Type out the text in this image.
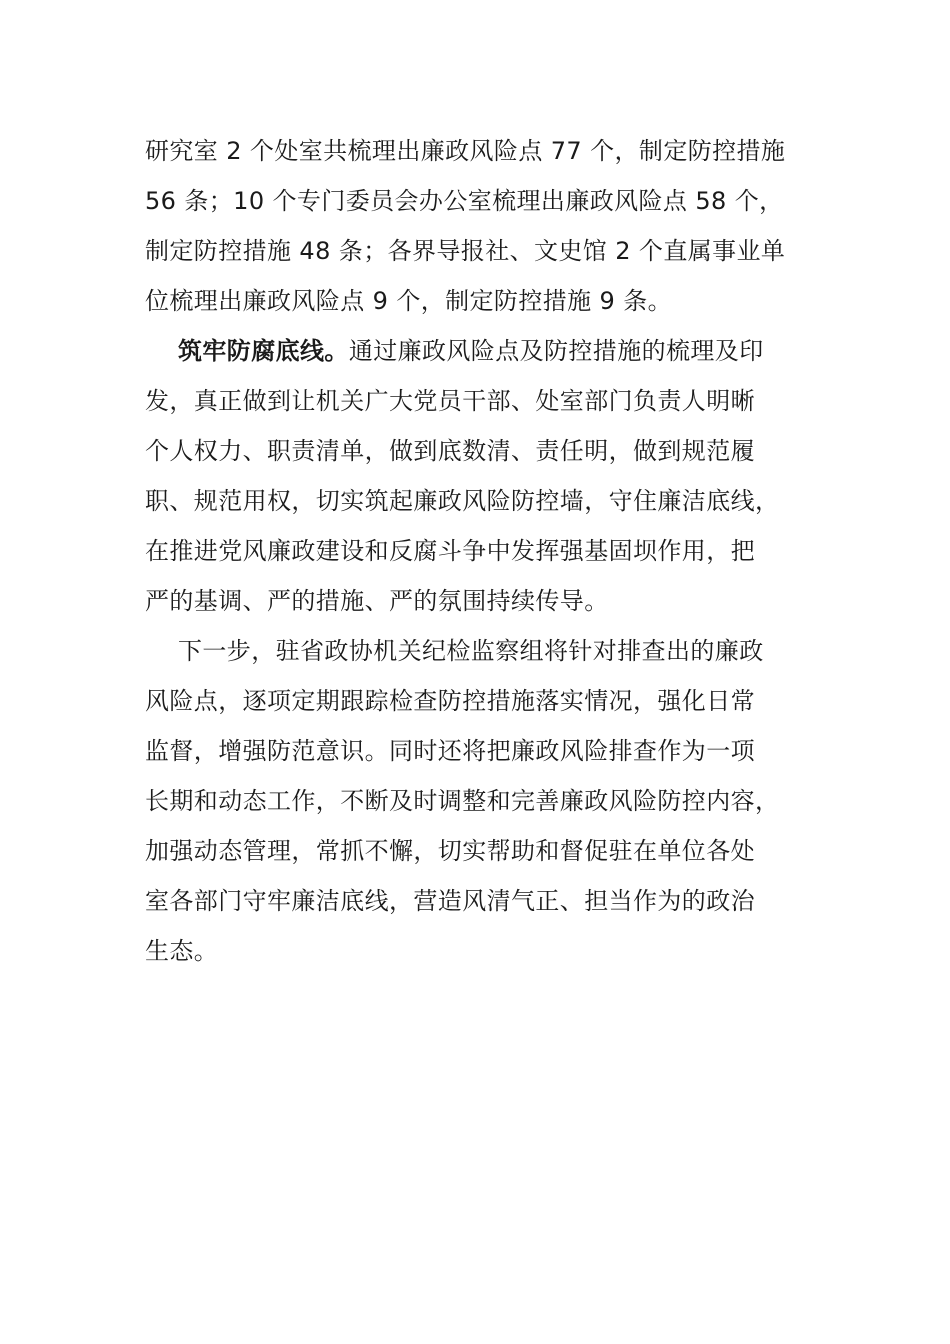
研究室 2 个处室共梳理出廉政风险点 77 个，制定防控措施
56 条；10 个专门委员会办公室梳理出廉政风险点 58 个，
制定防控措施 48 条；各界导报社、文史馆 2 个直属事业单
位梳理出廉政风险点 9 个，制定防控措施 9 条。

筑牢防腐底线。通过廉政风险点及防控措施的梳理及印
发，真正做到让机关广大党员干部、处室部门负责人明晰
个人权力、职责清单，做到底数清、责任明，做到规范履
职、规范用权，切实筑起廉政风险防控墙，守住廉洁底线，
在推进党风廉政建设和反腐斗争中发挥强基固坝作用，把
严的基调、严的措施、严的氛围持续传导。

下一步，驻省政协机关纪检监察组将针对排查出的廉政
风险点，逐项定期跟踪检查防控措施落实情况，强化日常
监督，增强防范意识。同时还将把廉政风险排查作为一项
长期和动态工作，不断及时调整和完善廉政风险防控内容，
加强动态管理，常抓不懈，切实帮助和督促驻在单位各处
室各部门守牢廉洁底线，营造风清气正、担当作为的政治
生态。
